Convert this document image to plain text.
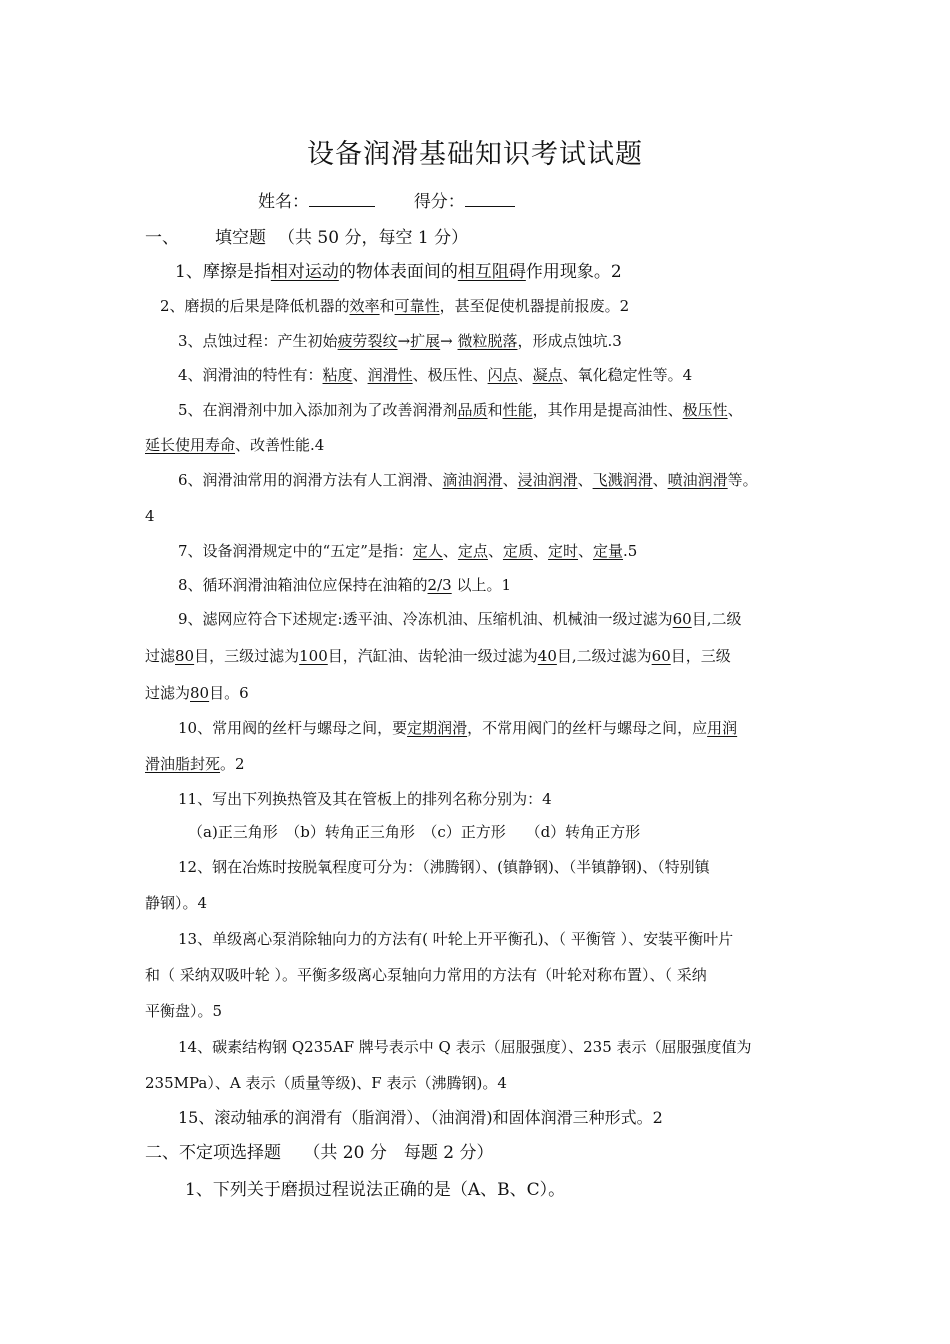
设备润滑基础知识考试试题
姓名：	得分：
一、 填空题 （共 50 分，每空 1 分）
1、摩擦是指相对运动的物体表面间的相互阻碍作用现象。2
2、磨损的后果是降低机器的效率和可靠性，甚至促使机器提前报废。2
3、点蚀过程：产生初始疲劳裂纹→扩展→ 微粒脱落，形成点蚀坑.3
4、润滑油的特性有：粘度、润滑性、极压性、闪点、凝点、氧化稳定性等。4
5、在润滑剂中加入添加剂为了改善润滑剂品质和性能，其作用是提高油性、极压性、
延长使用寿命、改善性能.4
6、润滑油常用的润滑方法有人工润滑、滴油润滑、浸油润滑、飞溅润滑、喷油润滑等。
4
7、设备润滑规定中的“五定”是指：定人、定点、定质、定时、定量.5
8、循环润滑油箱油位应保持在油箱的2/3 以上。1
9、滤网应符合下述规定:透平油、冷冻机油、压缩机油、机械油一级过滤为60目,二级
过滤80目，三级过滤为100目，汽缸油、齿轮油一级过滤为40目,二级过滤为60目，三级
过滤为80目。6
10、常用阀的丝杆与螺母之间，要定期润滑，不常用阀门的丝杆与螺母之间，应用润
滑油脂封死。2
11、写出下列换热管及其在管板上的排列名称分别为：4
（a)正三角形　（b）转角正三角形　（c）正方形　 （d）转角正方形
12、钢在冶炼时按脱氧程度可分为：（沸腾钢）、(镇静钢)、（半镇静钢)、（特别镇
静钢）。4
13、单级离心泵消除轴向力的方法有( 叶轮上开平衡孔)、（ 平衡管 ）、安装平衡叶片
和（ 采纳双吸叶轮 ）。平衡多级离心泵轴向力常用的方法有（叶轮对称布置）、（ 采纳
平衡盘）。5
14、碳素结构钢 Q235AF 牌号表示中 Q 表示（屈服强度）、235 表示（屈服强度值为
235MPa）、A 表示（质量等级)、F 表示（沸腾钢)。4
15、滚动轴承的润滑有（脂润滑）、（油润滑)和固体润滑三种形式。2
二、不定项选择题　 （共 20 分　每题 2 分）
1、下列关于磨损过程说法正确的是（A、B、C）。
